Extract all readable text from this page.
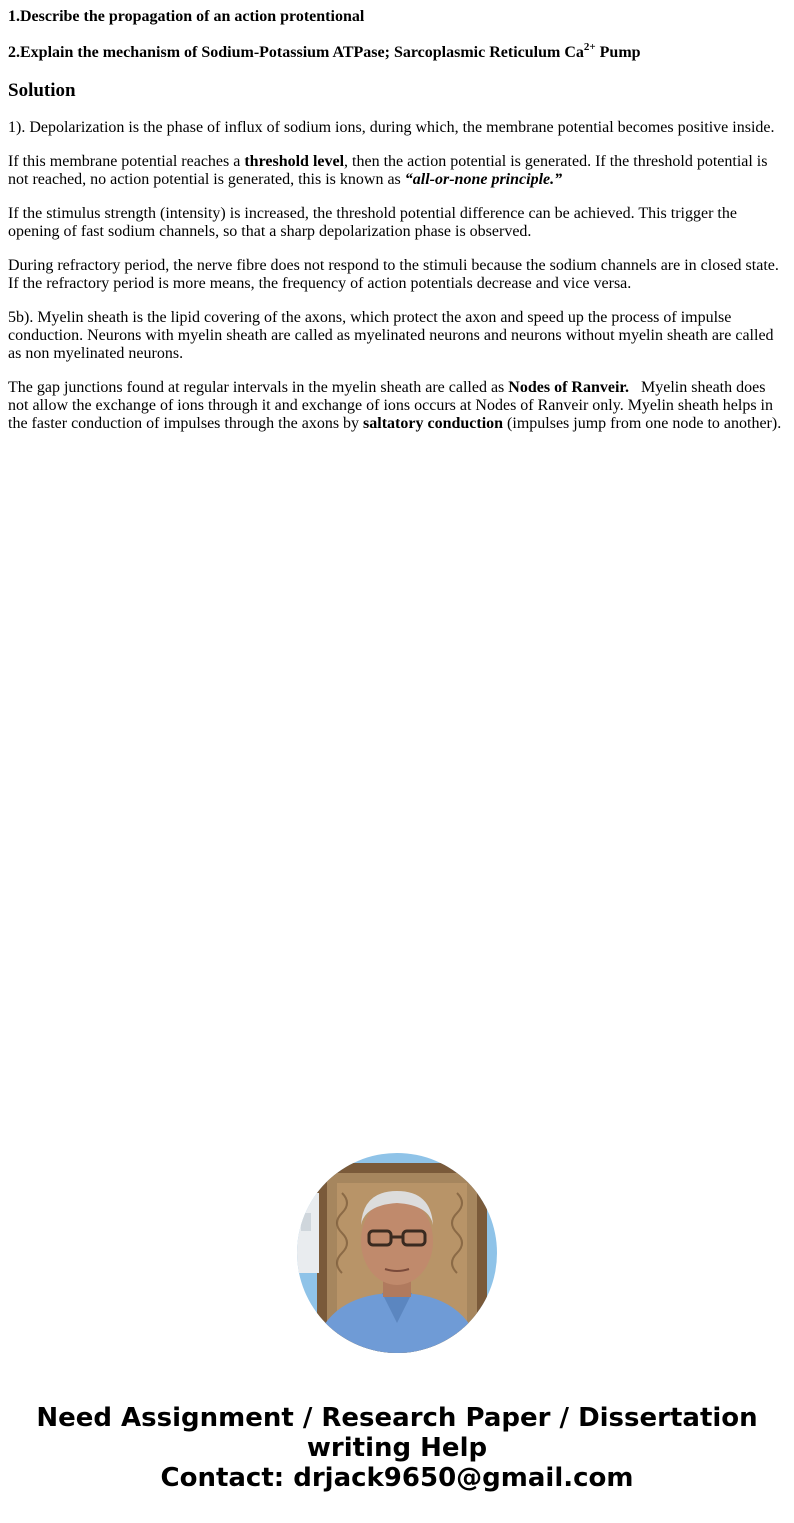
1.Describe the propagation of an action protentional
2.Explain the mechanism of Sodium-Potassium ATPase; Sarcoplasmic Reticulum $Ca^{2+}$ Pump
Solution

1). Depolarization is the phase of influx of sodium ions, during which, the membrane potential becomes positive inside.

If this membrane potential reaches a threshold level, then the action potential is generated. If the threshold potential is not reached, no action potential is generated, this is known as “all-or-none principle.”

If the stimulus strength (intensity) is increased, the threshold potential difference can be achieved. This trigger the opening of fast sodium channels, so that a sharp depolarization phase is observed.

During refractory period, the nerve fibre does not respond to the stimuli because the sodium channels are in closed state. If the refractory period is more means, the frequency of action potentials decrease and vice versa.

5b). Myelin sheath is the lipid covering of the axons, which protect the axon and speed up the process of impulse conduction. Neurons with myelin sheath are called as myelinated neurons and neurons without myelin sheath are called as non myelinated neurons.

The gap junctions found at regular intervals in the myelin sheath are called as Nodes of Ranveir.   Myelin sheath does not allow the exchange of ions through it and exchange of ions occurs at Nodes of Ranveir only. Myelin sheath helps in the faster conduction of impulses through the axons by saltatory conduction (impulses jump from one node to another).

Need Assignment / Research Paper / Dissertation
writing Help
Contact: drjack9650@gmail.com
